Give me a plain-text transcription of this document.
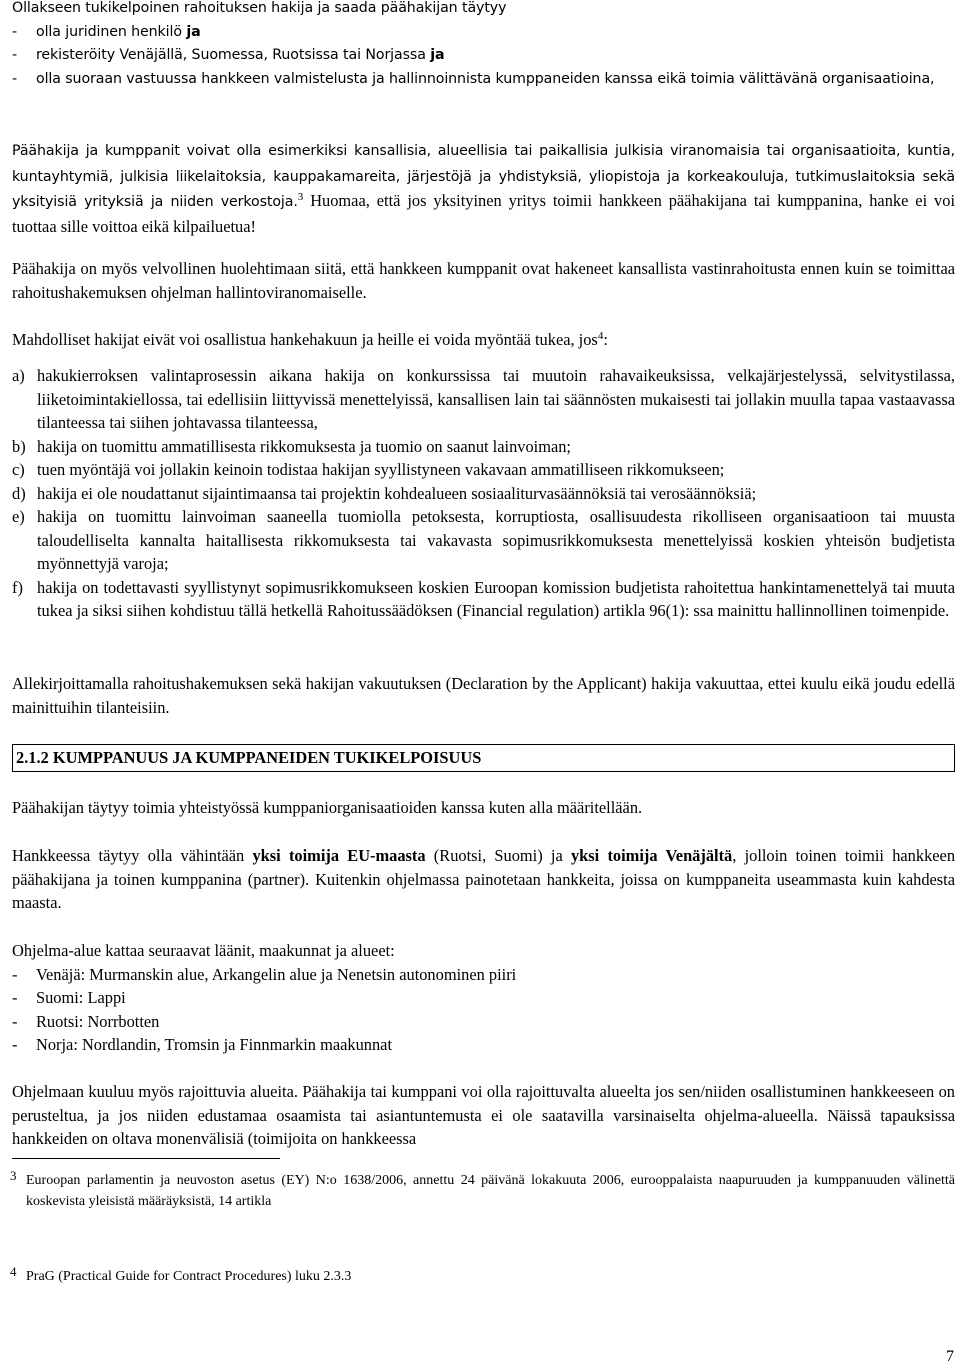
Ollakseen tukikelpoinen rahoituksen hakija ja saada päähakijan täytyy

- olla juridinen henkilö ja
- rekisteröity Venäjällä, Suomessa, Ruotsissa tai Norjassa ja
- olla suoraan vastuussa hankkeen valmistelusta ja hallinnoinnista kumppaneiden kanssa eikä toimia välittävänä organisaatioina,

Päähakija ja kumppanit voivat olla esimerkiksi kansallisia, alueellisia tai paikallisia julkisia viranomaisia tai organisaatioita, kuntia, kuntayhtymiä, julkisia liikelaitoksia, kauppakamareita, järjestöjä ja yhdistyksiä, yliopistoja ja korkeakouluja, tutkimuslaitoksia sekä yksityisiä yrityksiä ja niiden verkostoja.$^3$ Huomaa, että jos yksityinen yritys toimii hankkeen päähakijana tai kumppanina, hanke ei voi tuottaa sille voittoa eikä kilpailuetua!

Päähakija on myös velvollinen huolehtimaan siitä, että hankkeen kumppanit ovat hakeneet kansallista vastinrahoitusta ennen kuin se toimittaa rahoitushakemuksen ohjelman hallintoviranomaiselle.

Mahdolliset hakijat eivät voi osallistua hankehakuun ja heille ei voida myöntää tukea, jos$^4$:

a) hakukierroksen valintaprosessin aikana hakija on konkurssissa tai muutoin rahavaikeuksissa, velkajärjestelyssä, selvitystilassa, liiketoimintakiellossa, tai edellisiin liittyvissä menettelyissä, kansallisen lain tai säännösten mukaisesti tai jollakin muulla tapaa vastaavassa tilanteessa tai siihen johtavassa tilanteessa,
b) hakija on tuomittu ammatillisesta rikkomuksesta ja tuomio on saanut lainvoiman;
c) tuen myöntäjä voi jollakin keinoin todistaa hakijan syyllistyneen vakavaan ammatilliseen rikkomukseen;
d) hakija ei ole noudattanut sijaintimaansa tai projektin kohdealueen sosiaaliturvasäännöksiä tai verosäännöksiä;
e) hakija on tuomittu lainvoiman saaneella tuomiolla petoksesta, korruptiosta, osallisuudesta rikolliseen organisaatioon tai muusta taloudelliselta kannalta haitallisesta rikkomuksesta tai vakavasta sopimusrikkomuksesta menettelyissä koskien yhteisön budjetista myönnettyjä varoja;
f) hakija on todettavasti syyllistynyt sopimusrikkomukseen koskien Euroopan komission budjetista rahoitettua hankintamenettelyä tai muuta tukea ja siksi siihen kohdistuu tällä hetkellä Rahoitussäädöksen (Financial regulation) artikla 96(1): ssa mainittu hallinnollinen toimenpide.

Allekirjoittamalla rahoitushakemuksen sekä hakijan vakuutuksen (Declaration by the Applicant) hakija vakuuttaa, ettei kuulu eikä joudu edellä mainittuihin tilanteisiin.

2.1.2 KUMPPANUUS JA KUMPPANEIDEN TUKIKELPOISUUS

Päähakijan täytyy toimia yhteistyössä kumppaniorganisaatioiden kanssa kuten alla määritellään.

Hankkeessa täytyy olla vähintään yksi toimija EU-maasta (Ruotsi, Suomi) ja yksi toimija Venäjältä, jolloin toinen toimii hankkeen päähakijana ja toinen kumppanina (partner). Kuitenkin ohjelmassa painotetaan hankkeita, joissa on kumppaneita useammasta kuin kahdesta maasta.

Ohjelma-alue kattaa seuraavat läänit, maakunnat ja alueet:

- Venäjä: Murmanskin alue, Arkangelin alue ja Nenetsin autonominen piiri
- Suomi: Lappi
- Ruotsi: Norrbotten
- Norja: Nordlandin, Tromsin ja Finnmarkin maakunnat

Ohjelmaan kuuluu myös rajoittuvia alueita. Päähakija tai kumppani voi olla rajoittuvalta alueelta jos sen/niiden osallistuminen hankkeeseen on perusteltua, ja jos niiden edustamaa osaamista tai asiantuntemusta ei ole saatavilla varsinaiselta ohjelma-alueella. Näissä tapauksissa hankkeiden on oltava monenvälisiä (toimijoita on hankkeessa

3 Euroopan parlamentin ja neuvoston asetus (EY) N:o 1638/2006, annettu 24 päivänä lokakuuta 2006, eurooppalaista naapuruuden ja kumppanuuden välinettä koskevista yleisistä määräyksistä, 14 artikla

4 PraG (Practical Guide for Contract Procedures) luku 2.3.3

7
